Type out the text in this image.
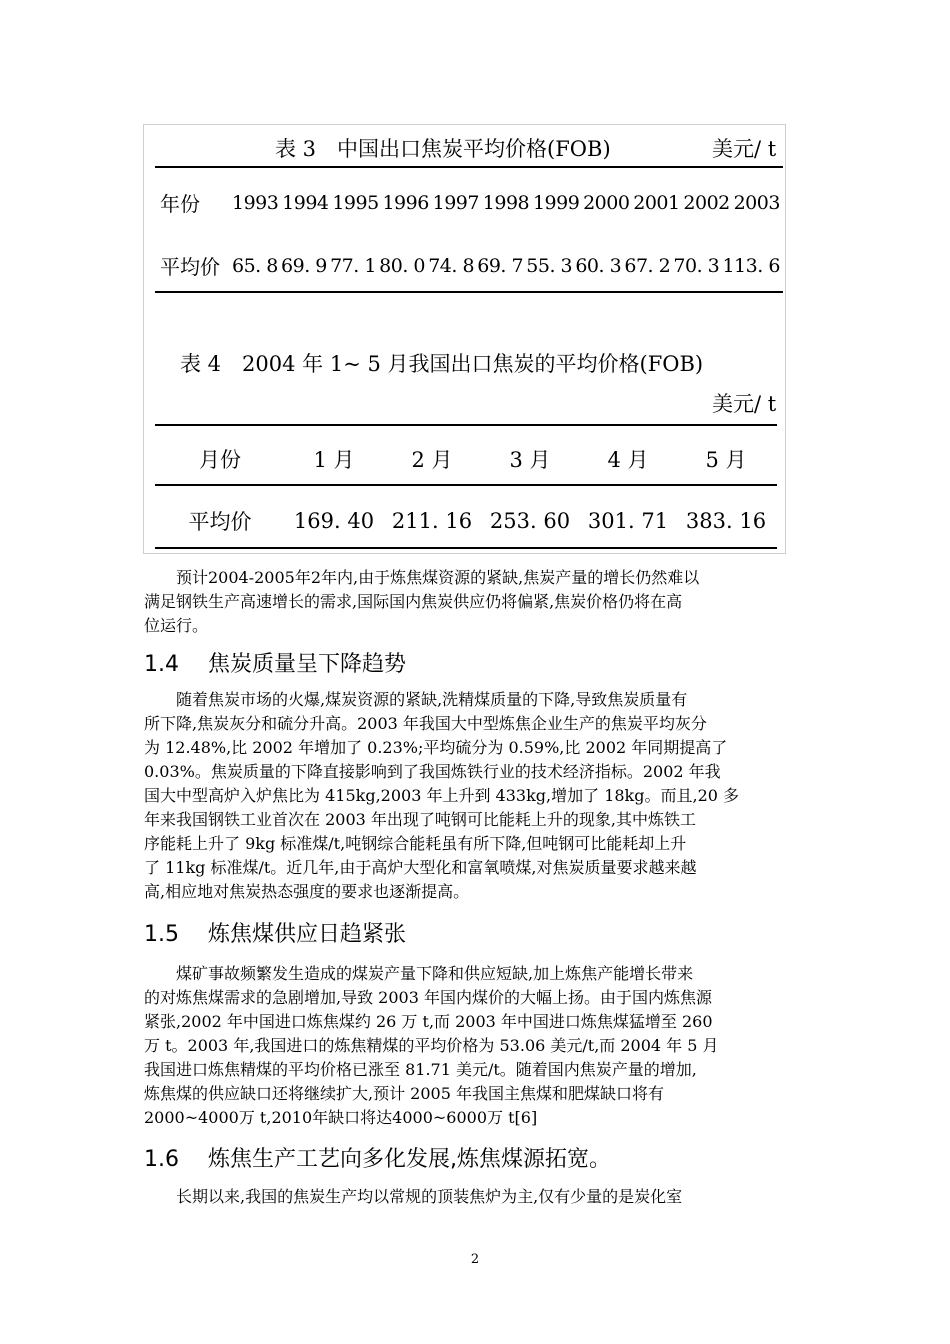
表 3　中国出口焦炭平均价格(FOB)	美元/ t
年份	1993 1994 1995 1996 1997 1998 1999 2000 2001 2002 2003
平均价 65. 8 69. 9 77. 1 80. 0 74. 8 69. 7 55. 3 60. 3 67. 2 70. 3 113. 6
表 4　2004 年 1~ 5 月我国出口焦炭的平均价格(FOB)
美元/ t
月份	1 月	2 月	3 月	4 月	5 月
平均价	169. 40 211. 16 253. 60 301. 71 383. 16
　　预计2004-2005年2年内,由于炼焦煤资源的紧缺,焦炭产量的增长仍然难以
满足钢铁生产高速增长的需求,国际国内焦炭供应仍将偏紧,焦炭价格仍将在高
位运行。
1.4 焦炭质量呈下降趋势
　　随着焦炭市场的火爆,煤炭资源的紧缺,洗精煤质量的下降,导致焦炭质量有
所下降,焦炭灰分和硫分升高。2003 年我国大中型炼焦企业生产的焦炭平均灰分
为 12.48%,比 2002 年增加了 0.23%;平均硫分为 0.59%,比 2002 年同期提高了
0.03%。焦炭质量的下降直接影响到了我国炼铁行业的技术经济指标。2002 年我
国大中型高炉入炉焦比为 415kg,2003 年上升到 433kg,增加了 18kg。而且,20 多
年来我国钢铁工业首次在 2003 年出现了吨钢可比能耗上升的现象,其中炼铁工
序能耗上升了 9kg 标准煤/t,吨钢综合能耗虽有所下降,但吨钢可比能耗却上升
了 11kg 标准煤/t。近几年,由于高炉大型化和富氧喷煤,对焦炭质量要求越来越
高,相应地对焦炭热态强度的要求也逐渐提高。
1.5 炼焦煤供应日趋紧张
　　煤矿事故频繁发生造成的煤炭产量下降和供应短缺,加上炼焦产能增长带来
的对炼焦煤需求的急剧增加,导致 2003 年国内煤价的大幅上扬。由于国内炼焦源
紧张,2002 年中国进口炼焦煤约 26 万 t,而 2003 年中国进口炼焦煤猛增至 260
万 t。2003 年,我国进口的炼焦精煤的平均价格为 53.06 美元/t,而 2004 年 5 月
我国进口炼焦精煤的平均价格已涨至 81.71 美元/t。随着国内焦炭产量的增加,
炼焦煤的供应缺口还将继续扩大,预计 2005 年我国主焦煤和肥煤缺口将有
2000~4000万 t,2010年缺口将达4000~6000万 t[6]
1.6 炼焦生产工艺向多化发展,炼焦煤源拓宽。
　　长期以来,我国的焦炭生产均以常规的顶装焦炉为主,仅有少量的是炭化室
2
